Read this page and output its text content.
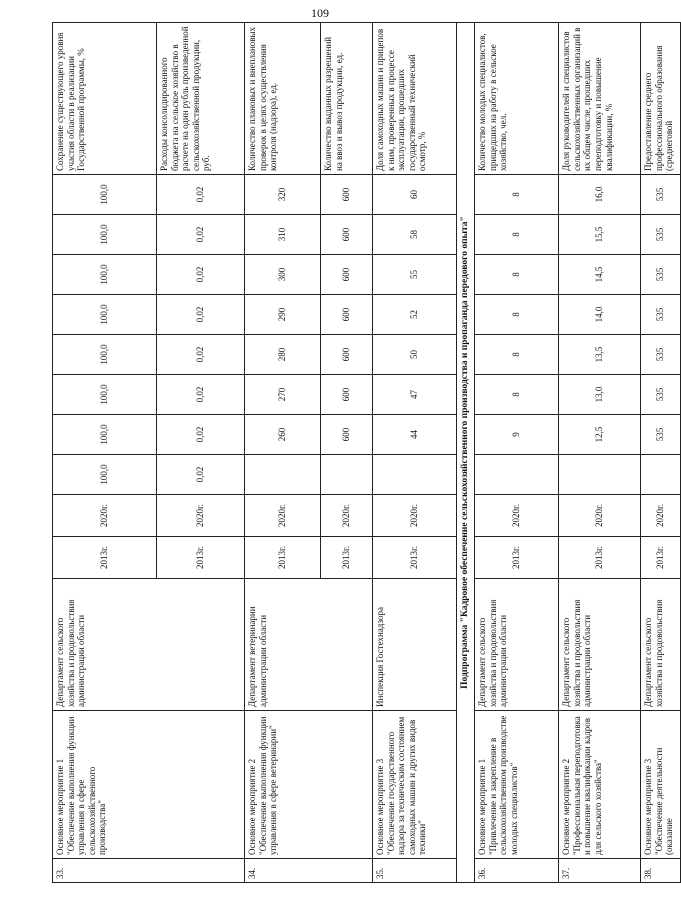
109
33.	Основное мероприятие 1 "Обеспечение выполнения функции управления в сфере сельскохозяйственного производства"	Департамент сельского хозяйства и продовольствия администрации области	2013г.	2020г.	100,0	100,0	100,0	100,0	100,0	100,0	100,0	100,0	Сохранение существующего уровня участия области в реализации Государственной программы, %
			2013г.	2020г.	0,02	0,02	0,02	0,02	0,02	0,02	0,02	0,02	Расходы консолидированного бюджета на сельское хозяйство в расчете на один рубль произведенной сельскохозяйственной продукции, руб.
34.	Основное мероприятие 2 "Обеспечение выполнения функции управления в сфере ветеринарии"	Департамент ветеринарии администрации области	2013г.	2020г.		260	270	280	290	300	310	320	Количество плановых и внеплановых проверок в целях осуществления контроля (надзора), ед.
			2013г.	2020г.		600	600	600	600	600	600	600	Количество выданных разрешений на ввоз и вывоз продукции, ед.
35.	Основное мероприятие 3 "Обеспечение государственного надзора за техническим состоянием самоходных машин и других видов техники"	Инспекция Гостехнадзора	2013г.	2020г.		44	47	50	52	55	58	60	Доля самоходных машин и прицепов к ним, проверенных в процессе эксплуатации, прошедших государственный технический осмотр, %
Подпрограмма "Кадровое обеспечение сельскохозяйственного производства и пропаганда передового опыта"													
36.	Основное мероприятие 1 "Привлечение и закрепление в сельскохозяйственном производстве молодых специалистов"	Департамент сельского хозяйства и продовольствия администрации области	2013г.	2020г.		9	8	8	8	8	8	8	Количество молодых специалистов, прищедших на работу в сельское хозяйство, чел.
37.	Основное мероприятие 2 "Профессиональная переподготовка и повышение квалификации кадров для сельского хозяйства"	Департамент сельского хозяйства и продовольствия администрации области	2013г.	2020г.		12,5	13,0	13,5	14,0	14,5	15,5	16,0	Доля руководителей и специалистов сельскохозяйственных организаций в их общем числе, прошедших переподготовку и повышение квалификации, %
38.	Основное мероприятие 3 "Обеспечение деятельности (оказание	Департамент сельского хозяйства и продовольствия	2013г.	2020г.		535	535	535	535	535	535	535	Предоставление среднего профессионального образования (среднеговой
